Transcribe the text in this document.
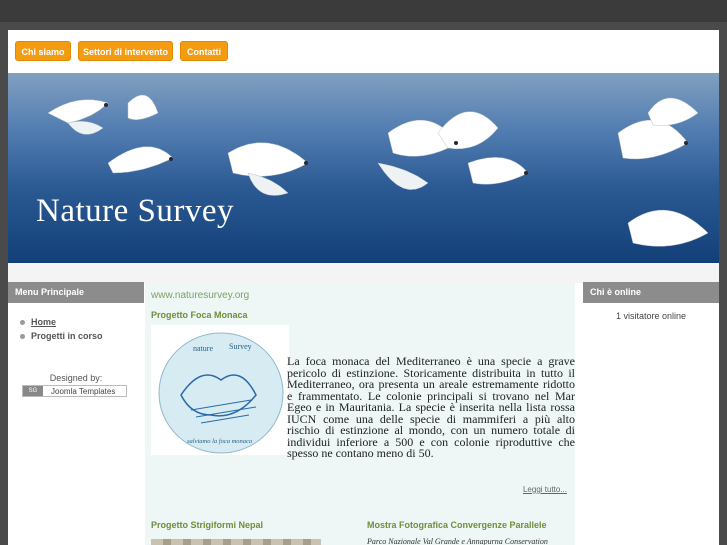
Chi siamo	Settori di intervento	Contatti
Nature Survey
Menu Principale
Home
Progetti in corso
Designed by:
SG	Joomla Templates
www.naturesurvey.org
Progetto Foca Monaca
nature Survey
salviamo la foca monaca
La foca monaca del Mediterraneo è una specie a grave pericolo di estinzione. Storicamente distribuita in tutto il Mediterraneo, ora presenta un areale estremamente ridotto e frammentato. Le colonie principali si trovano nel Mar Egeo e in Mauritania. La specie è inserita nella lista rossa IUCN come una delle specie di mammiferi a più alto rischio di estinzione al mondo, con un numero totale di individui inferiore a 500 e con colonie riproduttive che spesso ne contano meno di 50.
Leggi tutto...
Progetto Strigiformi Nepal	Mostra Fotografica Convergenze Parallele
Parco Nazionale Val Grande e Annapurna Conservation
Chi è online
1 visitatore online
